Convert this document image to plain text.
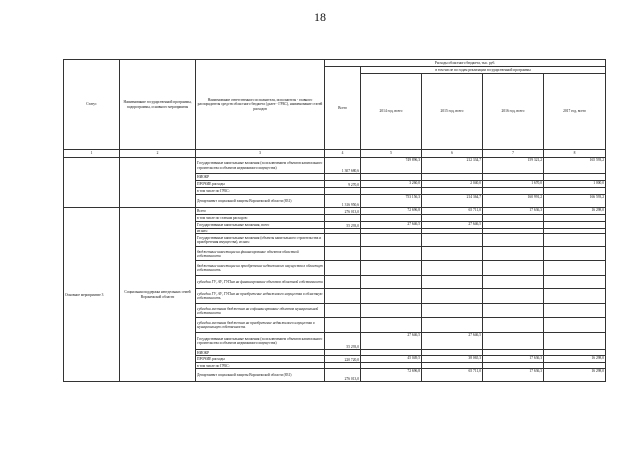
18
Статус	Наименование государственной программы, подпрограммы, основного мероприятия	Наименование ответственного исполнителя, исполнителя - главного распорядителя средств областного бюджета (далее - ГРБС), наименование статей расходов	Расходы областного бюджета, тыс. руб.				
			Всего	в том числе по годам реализации государственной программы			
				2014 год, всего	2015 год, всего	2016 год, всего	2017 год, всего
1	2	3	4	5	6	7	8
		Государственные капитальные вложения (за исключением объектов капитального строительства и объектов недвижимого имущества)	1 307 680,6	749 896,3	212 334,7	159 321,2	165 593,2
		НИОКР					
		ПРОЧИЕ расходы	9 270,0	3 260,0	2 040,0	1 670,0	1 000,0
		в том числе по ГРБС:					
		Департамент социальной защиты Воронежской области (831)	1 316 950,6	753 156,3	214 364,7	160 991,2	166 593,2
Основное мероприятие 3	Социальная поддержка неотдельных семей Воронежской области	Всего	276 013,0	72 696,8	65 711,0	17 636,3	16 298,0
		в том числе по статьям расходов:					
		Государственные капитальные вложения, всего	55 293,0	27 646,5	27 646,5		
		из них:					
		Государственные капитальные вложения (объекты капитального строительства и приобретения имущества), из них:					
		бюджетные инвестиции на финансирование объектов областной собственности					
		бюджетные инвестиции на приобретение недвижимого имущества в областную собственность					
		субсидии ГУ, АУ, ГУПам на финансирование объектов областной собственности					
		субсидии ГУ, АУ, ГУПам на приобретение недвижимого имущества в областную собственность					
		субсидии местным бюджетам на софинансирование объектов муниципальной собственности					
		субсидии местным бюджетам на приобретение недвижимого имущества в муниципальную собственность					
		Государственные капитальные вложения (за исключением объектов капитального строительства и объектов недвижимого имущества)	55 293,0	27 646,5	27 646,5		
		НИОКР					
		ПРОЧИЕ расходы	220 720,0	45 049,5	38 065,3	17 636,3	16 298,0
		в том числе по ГРБС:					
		Департамент социальной защиты Воронежской области (831)	276 013,0	72 696,8	65 711,0	17 636,3	16 298,0
